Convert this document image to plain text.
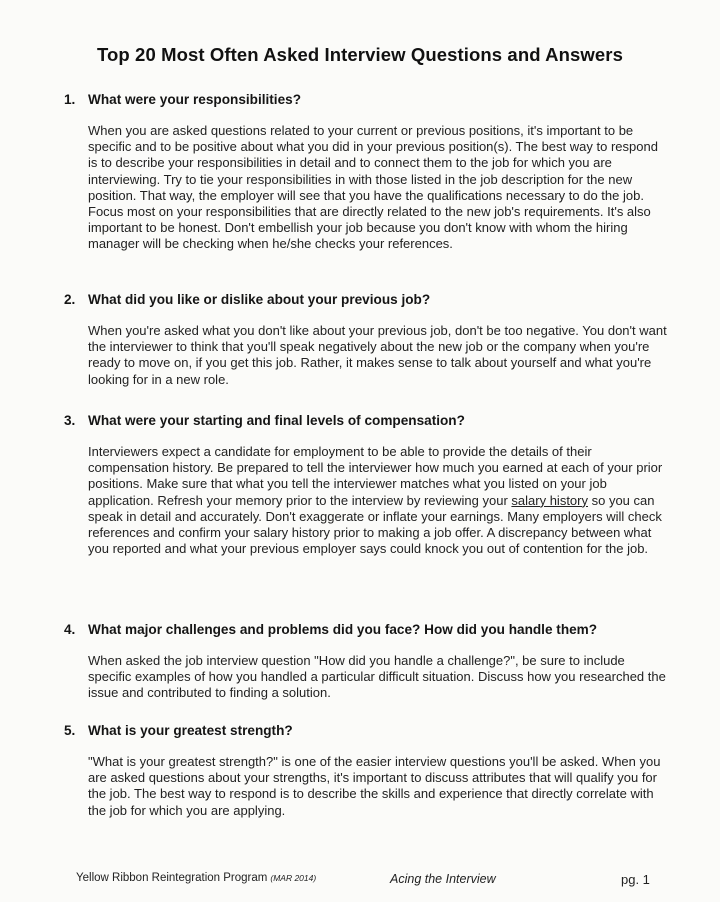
Top 20 Most Often Asked Interview Questions and Answers
1. What were your responsibilities?
When you are asked questions related to your current or previous positions, it's important to be specific and to be positive about what you did in your previous position(s). The best way to respond is to describe your responsibilities in detail and to connect them to the job for which you are interviewing. Try to tie your responsibilities in with those listed in the job description for the new position. That way, the employer will see that you have the qualifications necessary to do the job. Focus most on your responsibilities that are directly related to the new job's requirements. It's also important to be honest. Don't embellish your job because you don't know with whom the hiring manager will be checking when he/she checks your references.
2. What did you like or dislike about your previous job?
When you're asked what you don't like about your previous job, don't be too negative. You don't want the interviewer to think that you'll speak negatively about the new job or the company when you're ready to move on, if you get this job. Rather, it makes sense to talk about yourself and what you're looking for in a new role.
3. What were your starting and final levels of compensation?
Interviewers expect a candidate for employment to be able to provide the details of their compensation history. Be prepared to tell the interviewer how much you earned at each of your prior positions. Make sure that what you tell the interviewer matches what you listed on your job application. Refresh your memory prior to the interview by reviewing your salary history so you can speak in detail and accurately. Don't exaggerate or inflate your earnings. Many employers will check references and confirm your salary history prior to making a job offer. A discrepancy between what you reported and what your previous employer says could knock you out of contention for the job.
4. What major challenges and problems did you face? How did you handle them?
When asked the job interview question "How did you handle a challenge?", be sure to include specific examples of how you handled a particular difficult situation. Discuss how you researched the issue and contributed to finding a solution.
5. What is your greatest strength?
"What is your greatest strength?" is one of the easier interview questions you'll be asked. When you are asked questions about your strengths, it's important to discuss attributes that will qualify you for the job. The best way to respond is to describe the skills and experience that directly correlate with the job for which you are applying.
Yellow Ribbon Reintegration Program (MAR 2014)	Acing the Interview	pg. 1
